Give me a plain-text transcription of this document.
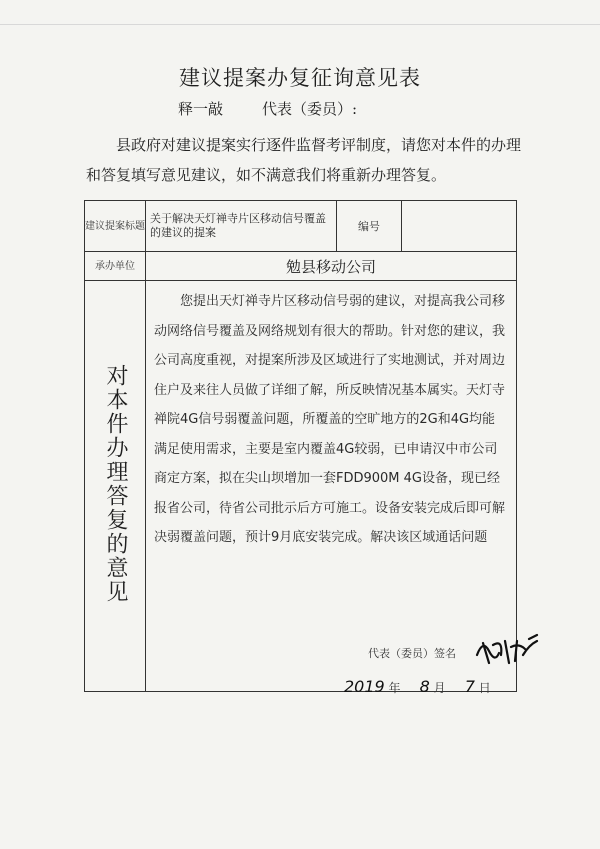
建议提案办复征询意见表
释一敲	代表（委员）:
县政府对建议提案实行逐件监督考评制度，请您对本件的办理和答复填写意见建议，如不满意我们将重新办理答复。
建议提案标题	关于解决天灯禅寺片区移动信号覆盖的建议的提案	编号	
承办单位	勉县移动公司		
对本件办理答复的意见	您提出天灯禅寺片区移动信号弱的建议，对提高我公司移动网络信号覆盖及网络规划有很大的帮助。针对您的建议，我公司高度重视，对提案所涉及区域进行了实地测试，并对周边住户及来往人员做了详细了解，所反映情况基本属实。天灯寺禅院4G信号弱覆盖问题，所覆盖的空旷地方的2G和4G均能满足使用需求，主要是室内覆盖4G较弱，已申请汉中市公司商定方案，拟在尖山坝增加一套FDD900M 4G设备，现已经报省公司，待省公司批示后方可施工。设备安装完成后即可解决弱覆盖问题，预计9月底安装完成。解决该区域通话问题
代表（委员）签名
2019 年 8 月 7 日		
